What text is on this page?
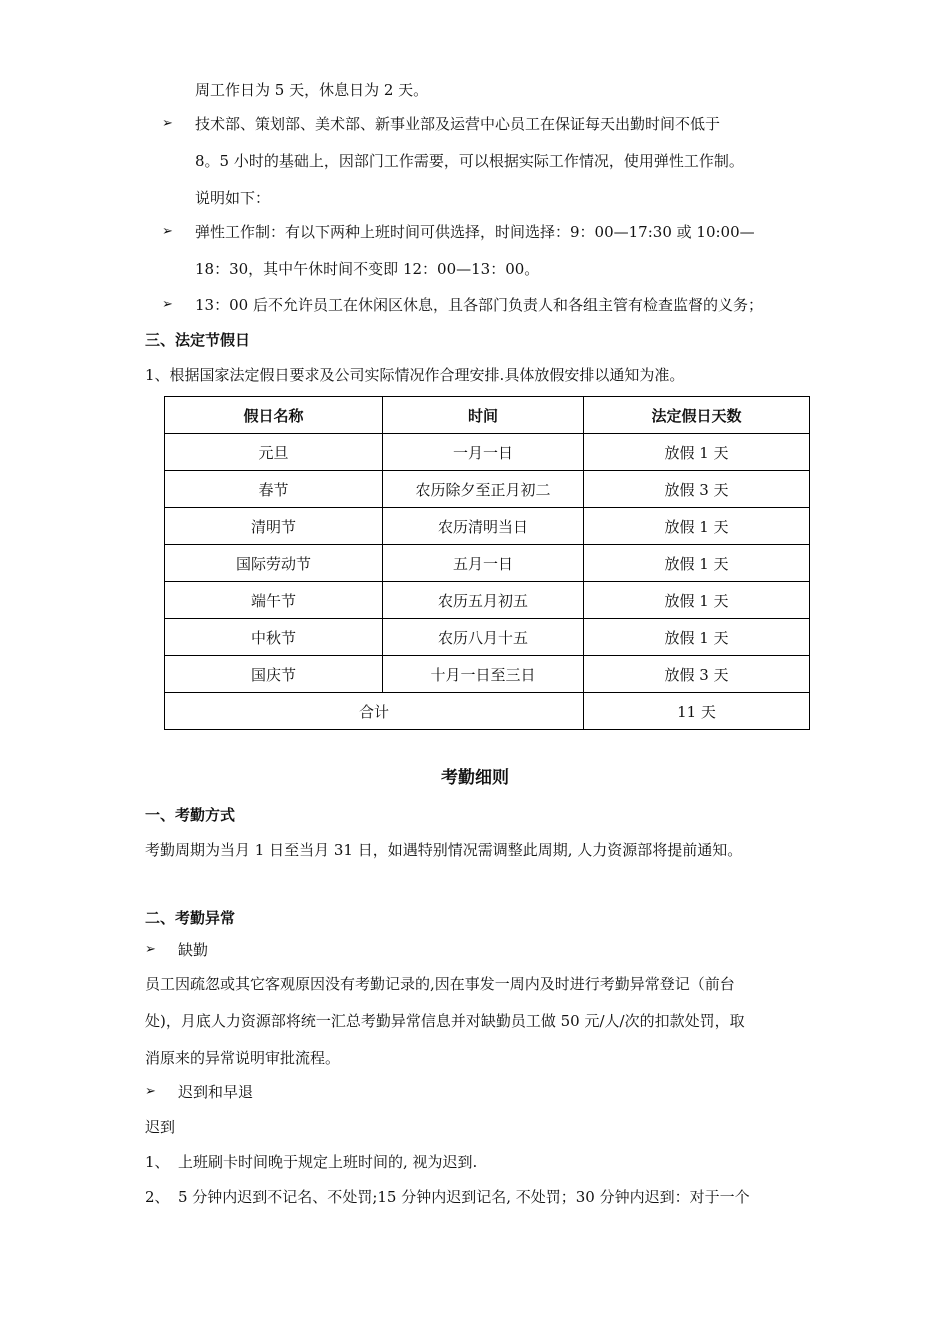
周工作日为 5 天，休息日为 2 天。
➢ 技术部、策划部、美术部、新事业部及运营中心员工在保证每天出勤时间不低于
8。5 小时的基础上，因部门工作需要，可以根据实际工作情况，使用弹性工作制。
说明如下：
➢ 弹性工作制：有以下两种上班时间可供选择，时间选择：9：00—17:30 或 10:00—
18：30，其中午休时间不变即 12：00—13：00。
➢ 13：00 后不允许员工在休闲区休息，且各部门负责人和各组主管有检查监督的义务；
三、法定节假日
1、根据国家法定假日要求及公司实际情况作合理安排.具体放假安排以通知为准。
假日名称	时间	法定假日天数
元旦	一月一日	放假 1 天
春节	农历除夕至正月初二	放假 3 天
清明节	农历清明当日	放假 1 天
国际劳动节	五月一日	放假 1 天
端午节	农历五月初五	放假 1 天
中秋节	农历八月十五	放假 1 天
国庆节	十月一日至三日	放假 3 天
合计		11 天
考勤细则
一、考勤方式
考勤周期为当月 1 日至当月 31 日，如遇特别情况需调整此周期, 人力资源部将提前通知。
二、考勤异常
➢ 缺勤
员工因疏忽或其它客观原因没有考勤记录的,因在事发一周内及时进行考勤异常登记（前台
处)，月底人力资源部将统一汇总考勤异常信息并对缺勤员工做 50 元/人/次的扣款处罚，取
消原来的异常说明审批流程。
➢ 迟到和早退
迟到
1、 上班刷卡时间晚于规定上班时间的, 视为迟到.
2、 5 分钟内迟到不记名、不处罚;15 分钟内迟到记名, 不处罚；30 分钟内迟到：对于一个
